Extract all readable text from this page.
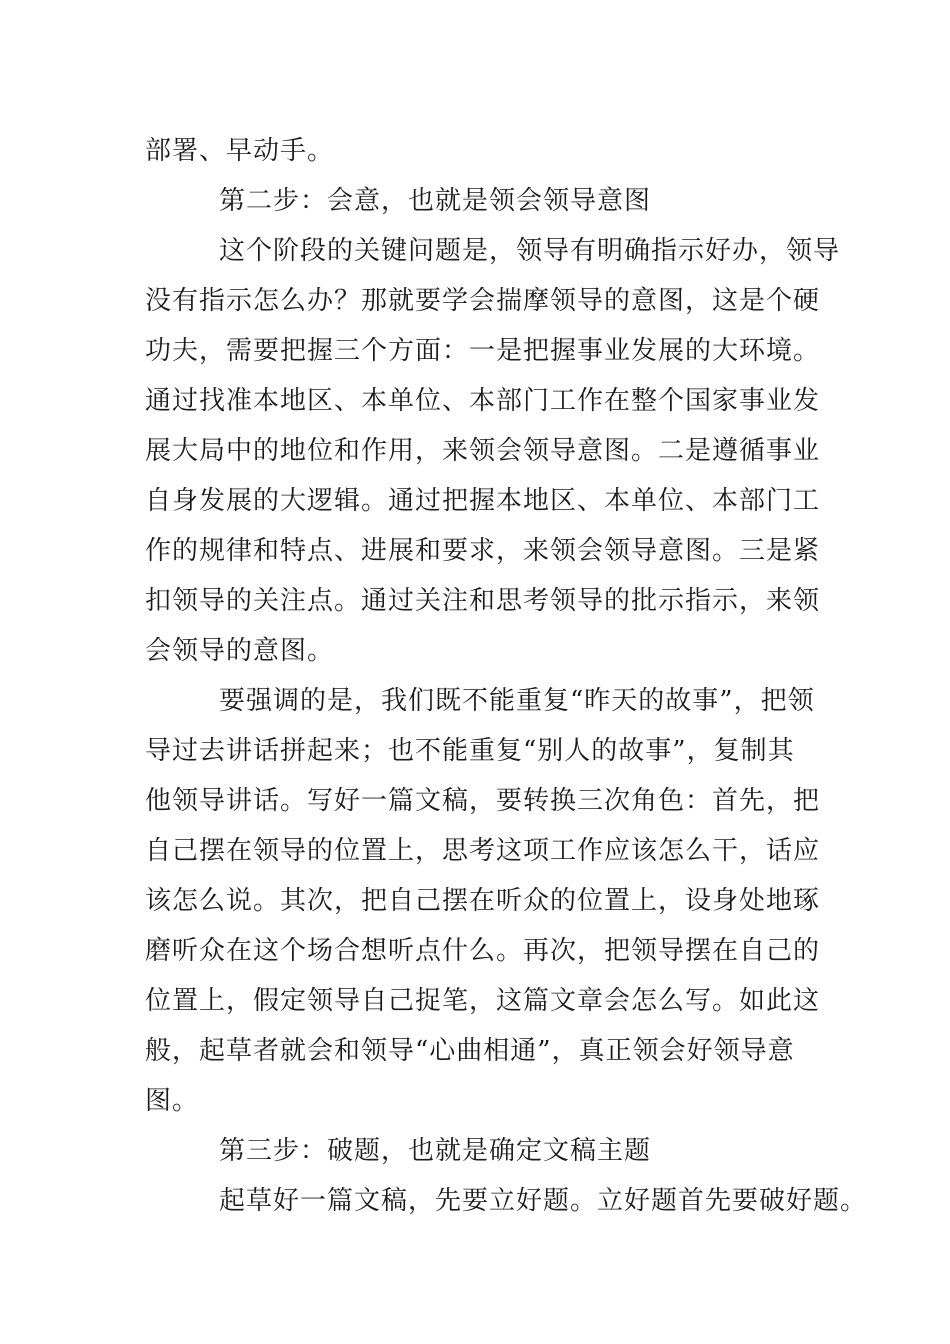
部署、早动手。

第二步：会意，也就是领会领导意图

这个阶段的关键问题是，领导有明确指示好办，领导
没有指示怎么办？那就要学会揣摩领导的意图，这是个硬
功夫，需要把握三个方面：一是把握事业发展的大环境。
通过找准本地区、本单位、本部门工作在整个国家事业发
展大局中的地位和作用，来领会领导意图。二是遵循事业
自身发展的大逻辑。通过把握本地区、本单位、本部门工
作的规律和特点、进展和要求，来领会领导意图。三是紧
扣领导的关注点。通过关注和思考领导的批示指示，来领
会领导的意图。

要强调的是，我们既不能重复“昨天的故事”，把领
导过去讲话拼起来；也不能重复“别人的故事”，复制其
他领导讲话。写好一篇文稿，要转换三次角色：首先，把
自己摆在领导的位置上，思考这项工作应该怎么干，话应
该怎么说。其次，把自己摆在听众的位置上，设身处地琢
磨听众在这个场合想听点什么。再次，把领导摆在自己的
位置上，假定领导自己捉笔，这篇文章会怎么写。如此这
般，起草者就会和领导“心曲相通”，真正领会好领导意
图。

第三步：破题，也就是确定文稿主题

起草好一篇文稿，先要立好题。立好题首先要破好题。
